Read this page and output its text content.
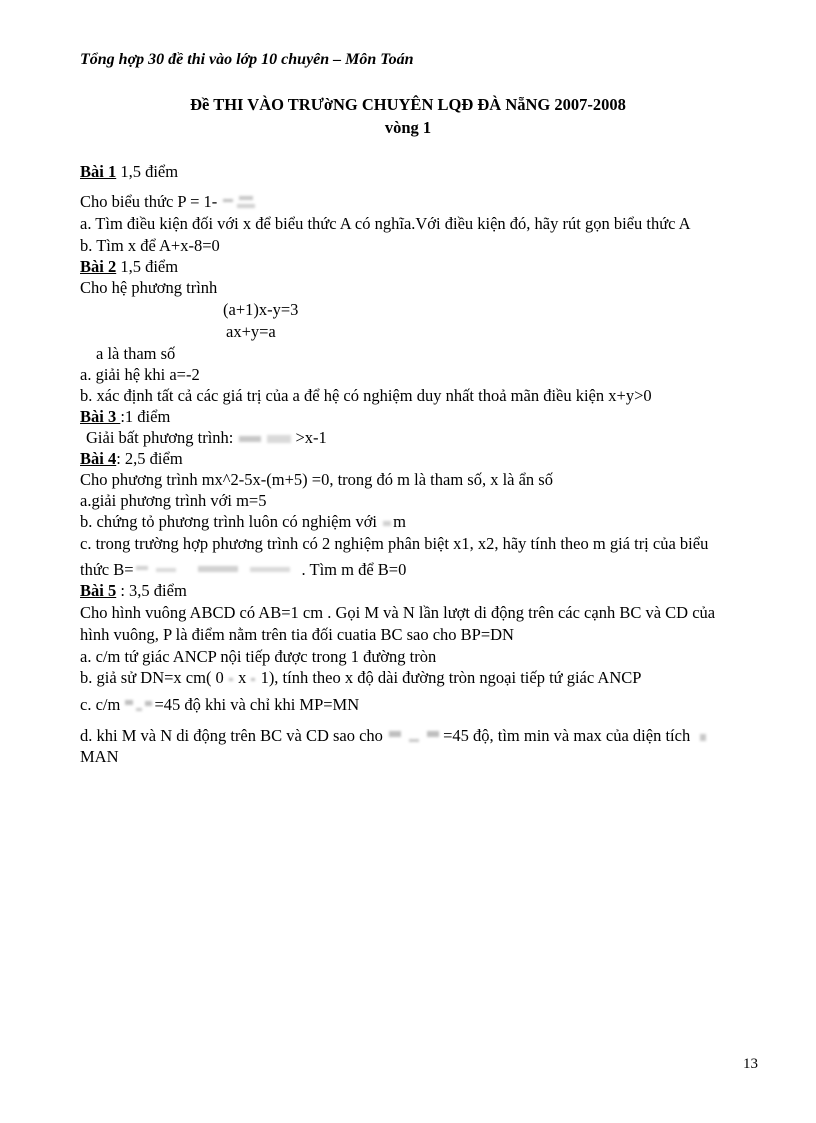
Tổng hợp 30 đề thi vào lớp 10 chuyên – Môn Toán
Đề THI VÀO TRƯờNG CHUYÊN LQĐ ĐÀ NẵNG 2007-2008
vòng 1
Bài 1 1,5 điểm
Cho biểu thức P = 1-
a. Tìm điều kiện đối với x để biểu thức A có nghĩa.Với điều kiện đó, hãy rút gọn biểu thức A
b. Tìm x để A+x-8=0
Bài 2 1,5 điểm
Cho hệ phương trình
(a+1)x-y=3
ax+y=a
a là tham số
a. giải hệ khi a=-2
b. xác định tất cả các giá trị của a để hệ có nghiệm duy nhất thoả mãn điều kiện x+y>0
Bài 3 :1 điểm
Giải bất phương trình:	>x-1
Bài 4: 2,5 điểm
Cho phương trình mx^2-5x-(m+5) =0, trong đó m là tham số, x là ẩn số
a.giải phương trình với m=5
b. chứng tỏ phương trình luôn có nghiệm với
m
c. trong trường hợp phương trình có 2 nghiệm phân biệt x1, x2, hãy tính theo m giá trị của biểu
thức B=	. Tìm m để B=0
Bài 5 : 3,5 điểm
Cho hình vuông ABCD có AB=1 cm . Gọi M và N lần lượt di động trên các cạnh BC và CD của
hình vuông, P là điểm nằm trên tia đối cuatia BC sao cho BP=DN
a. c/m tứ giác ANCP nội tiếp được trong 1 đường tròn
b. giả sử DN=x cm( 0
x
1), tính theo x độ dài đường tròn ngoại tiếp tứ giác ANCP
c. c/m
=45 độ khi và chỉ khi MP=MN
d. khi M và N di động trên BC và CD sao cho	=45 độ, tìm min và max của diện tích
MAN
13
